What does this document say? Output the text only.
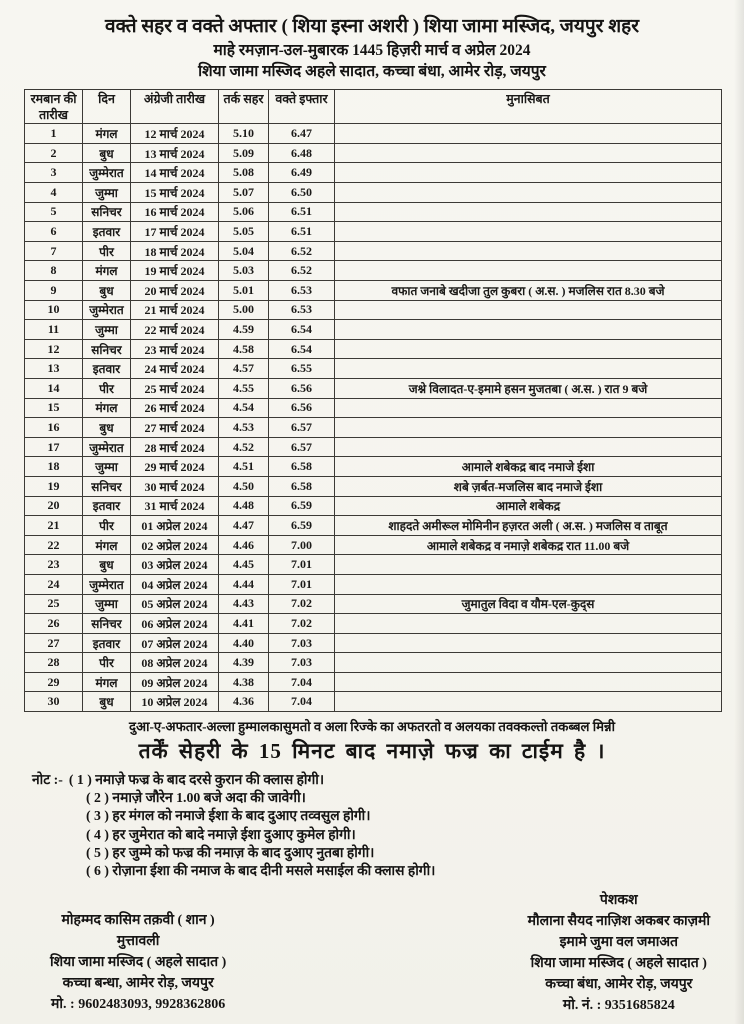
वक्ते सहर व वक्ते अफ्तार ( शिया इस्ना अशरी ) शिया जामा मस्जिद, जयपुर शहर
माहे रमज़ान-उल-मुबारक 1445 हिज़री मार्च व अप्रेल 2024
शिया जामा मस्जिद अहले सादात, कच्चा बंधा, आमेर रोड़, जयपुर
रमबान की तारीख	दिन	अंग्रेजी तारीख	तर्क सहर	वक्ते इफ्तार	मुनासिबत
1	मंगल	12 मार्च 2024	5.10	6.47	
2	बुध	13 मार्च 2024	5.09	6.48	
3	जुम्मेरात	14 मार्च 2024	5.08	6.49	
4	जुम्मा	15 मार्च 2024	5.07	6.50	
5	सनिचर	16 मार्च 2024	5.06	6.51	
6	इतवार	17 मार्च 2024	5.05	6.51	
7	पीर	18 मार्च 2024	5.04	6.52	
8	मंगल	19 मार्च 2024	5.03	6.52	
9	बुध	20 मार्च 2024	5.01	6.53	वफात जनाबे खदीजा तुल कुबरा ( अ.स. ) मजलिस रात 8.30 बजे
10	जुम्मेरात	21 मार्च 2024	5.00	6.53	
11	जुम्मा	22 मार्च 2024	4.59	6.54	
12	सनिचर	23 मार्च 2024	4.58	6.54	
13	इतवार	24 मार्च 2024	4.57	6.55	
14	पीर	25 मार्च 2024	4.55	6.56	जश्ने विलादत-ए-इमामे हसन मुजतबा ( अ.स. ) रात 9 बजे
15	मंगल	26 मार्च 2024	4.54	6.56	
16	बुध	27 मार्च 2024	4.53	6.57	
17	जुम्मेरात	28 मार्च 2024	4.52	6.57	
18	जुम्मा	29 मार्च 2024	4.51	6.58	आमाले शबेकद्र बाद नमाजे ईशा
19	सनिचर	30 मार्च 2024	4.50	6.58	शबे ज़र्बत-मजलिस बाद नमाजे ईशा
20	इतवार	31 मार्च 2024	4.48	6.59	आमाले शबेकद्र
21	पीर	01 अप्रेल 2024	4.47	6.59	शाहदते अमीरूल मोमिनीन हज़रत अली ( अ.स. ) मजलिस व ताबूत
22	मंगल	02 अप्रेल 2024	4.46	7.00	आमाले शबेकद्र व नमाज़े शबेकद्र रात 11.00 बजे
23	बुध	03 अप्रेल 2024	4.45	7.01	
24	जुम्मेरात	04 अप्रेल 2024	4.44	7.01	
25	जुम्मा	05 अप्रेल 2024	4.43	7.02	जुमातुल विदा व यौम-एल-कुद्स
26	सनिचर	06 अप्रेल 2024	4.41	7.02	
27	इतवार	07 अप्रेल 2024	4.40	7.03	
28	पीर	08 अप्रेल 2024	4.39	7.03	
29	मंगल	09 अप्रेल 2024	4.38	7.04	
30	बुध	10 अप्रेल 2024	4.36	7.04	
दुआ-ए-अफतार-अल्ला हुम्मालकासुमतो व अला रिज्के का अफतरतो व अलयका तवक्कल्तो तकब्बल मिन्नी
तर्कें सेहरी के 15 मिनट बाद नमाज़े फज्र का टाईम है ।
नोट :- ( 1 ) नमाज़े फज्र के बाद दरसे कुरान की क्लास होगी।
( 2 ) नमाज़े जौरेन 1.00 बजे अदा की जावेगी।
( 3 ) हर मंगल को नमाजे ईशा के बाद दुआए तव्वसुल होगी।
( 4 ) हर जुमेरात को बादे नमाज़े ईशा दुआए कुमेल होगी।
( 5 ) हर जुम्मे को फज्र की नमाज़ के बाद दुआए नुतबा होगी।
( 6 ) रोज़ाना ईशा की नमाज के बाद दीनी मसले मसाईल की क्लास होगी।
मोहम्मद कासिम तक़वी ( शान )
मुत्तावली
शिया जामा मस्जिद ( अहले सादात )
कच्चा बन्धा, आमेर रोड़, जयपुर
मो. : 9602483093, 9928362806
पेशकश
मौलाना सैयद नाज़िश अकबर काज़मी
इमामे जुमा वल जमाअत
शिया जामा मस्जिद ( अहले सादात )
कच्चा बंधा, आमेर रोड़, जयपुर
मो. नं. : 9351685824
